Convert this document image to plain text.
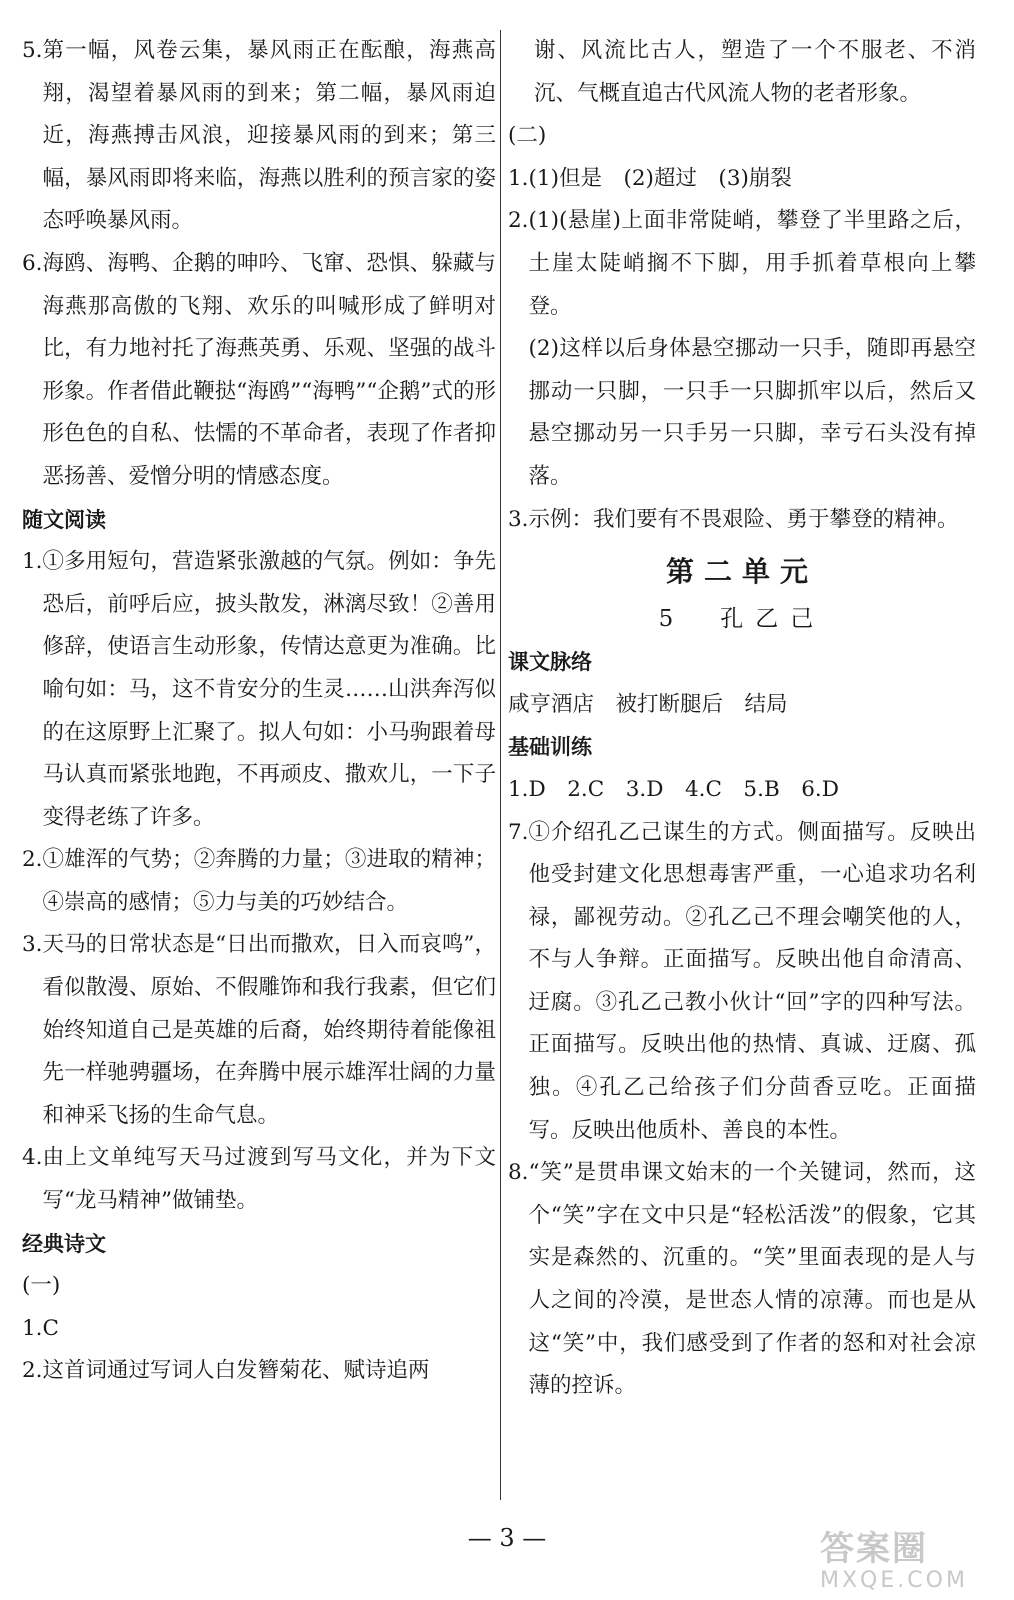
5. 第一幅，风卷云集，暴风雨正在酝酿，海燕高翔，渴望着暴风雨的到来；第二幅，暴风雨迫近，海燕搏击风浪，迎接暴风雨的到来；第三幅，暴风雨即将来临，海燕以胜利的预言家的姿态呼唤暴风雨。
6. 海鸥、海鸭、企鹅的呻吟、飞窜、恐惧、躲藏与海燕那高傲的飞翔、欢乐的叫喊形成了鲜明对比，有力地衬托了海燕英勇、乐观、坚强的战斗形象。作者借此鞭挞“海鸥”“海鸭”“企鹅”式的形形色色的自私、怯懦的不革命者，表现了作者抑恶扬善、爱憎分明的情感态度。
随文阅读
1. ①多用短句，营造紧张激越的气氛。例如：争先恐后，前呼后应，披头散发，淋漓尽致！②善用修辞，使语言生动形象，传情达意更为准确。比喻句如：马，这不肯安分的生灵……山洪奔泻似的在这原野上汇聚了。拟人句如：小马驹跟着母马认真而紧张地跑，不再顽皮、撒欢儿，一下子变得老练了许多。
2. ①雄浑的气势；②奔腾的力量；③进取的精神；④崇高的感情；⑤力与美的巧妙结合。
3. 天马的日常状态是“日出而撒欢，日入而哀鸣”，看似散漫、原始、不假雕饰和我行我素，但它们始终知道自己是英雄的后裔，始终期待着能像祖先一样驰骋疆场，在奔腾中展示雄浑壮阔的力量和神采飞扬的生命气息。
4. 由上文单纯写天马过渡到写马文化，并为下文写“龙马精神”做铺垫。
经典诗文
(一)
1. C
2. 这首词通过写词人白发簪菊花、赋诗追两
谢、风流比古人，塑造了一个不服老、不消沉、气概直追古代风流人物的老者形象。
(二)
1. (1)但是　(2)超过　(3)崩裂
2. (1)(悬崖)上面非常陡峭，攀登了半里路之后，土崖太陡峭搁不下脚，用手抓着草根向上攀登。
(2)这样以后身体悬空挪动一只手，随即再悬空挪动一只脚，一只手一只脚抓牢以后，然后又悬空挪动另一只手另一只脚，幸亏石头没有掉落。
3. 示例：我们要有不畏艰险、勇于攀登的精神。
第二单元
5　孔乙己
课文脉络
咸亨酒店　被打断腿后　结局
基础训练
1. D　2.C　3.D　4.C　5.B　6.D
7. ①介绍孔乙己谋生的方式。侧面描写。反映出他受封建文化思想毒害严重，一心追求功名利禄，鄙视劳动。②孔乙己不理会嘲笑他的人，不与人争辩。正面描写。反映出他自命清高、迂腐。③孔乙己教小伙计“回”字的四种写法。正面描写。反映出他的热情、真诚、迂腐、孤独。④孔乙己给孩子们分茴香豆吃。正面描写。反映出他质朴、善良的本性。
8. “笑”是贯串课文始末的一个关键词，然而，这个“笑”字在文中只是“轻松活泼”的假象，它其实是森然的、沉重的。“笑”里面表现的是人与人之间的冷漠，是世态人情的凉薄。而也是从这“笑”中，我们感受到了作者的怒和对社会凉薄的控诉。
— 3 —	答案圈
MXQE.COM
